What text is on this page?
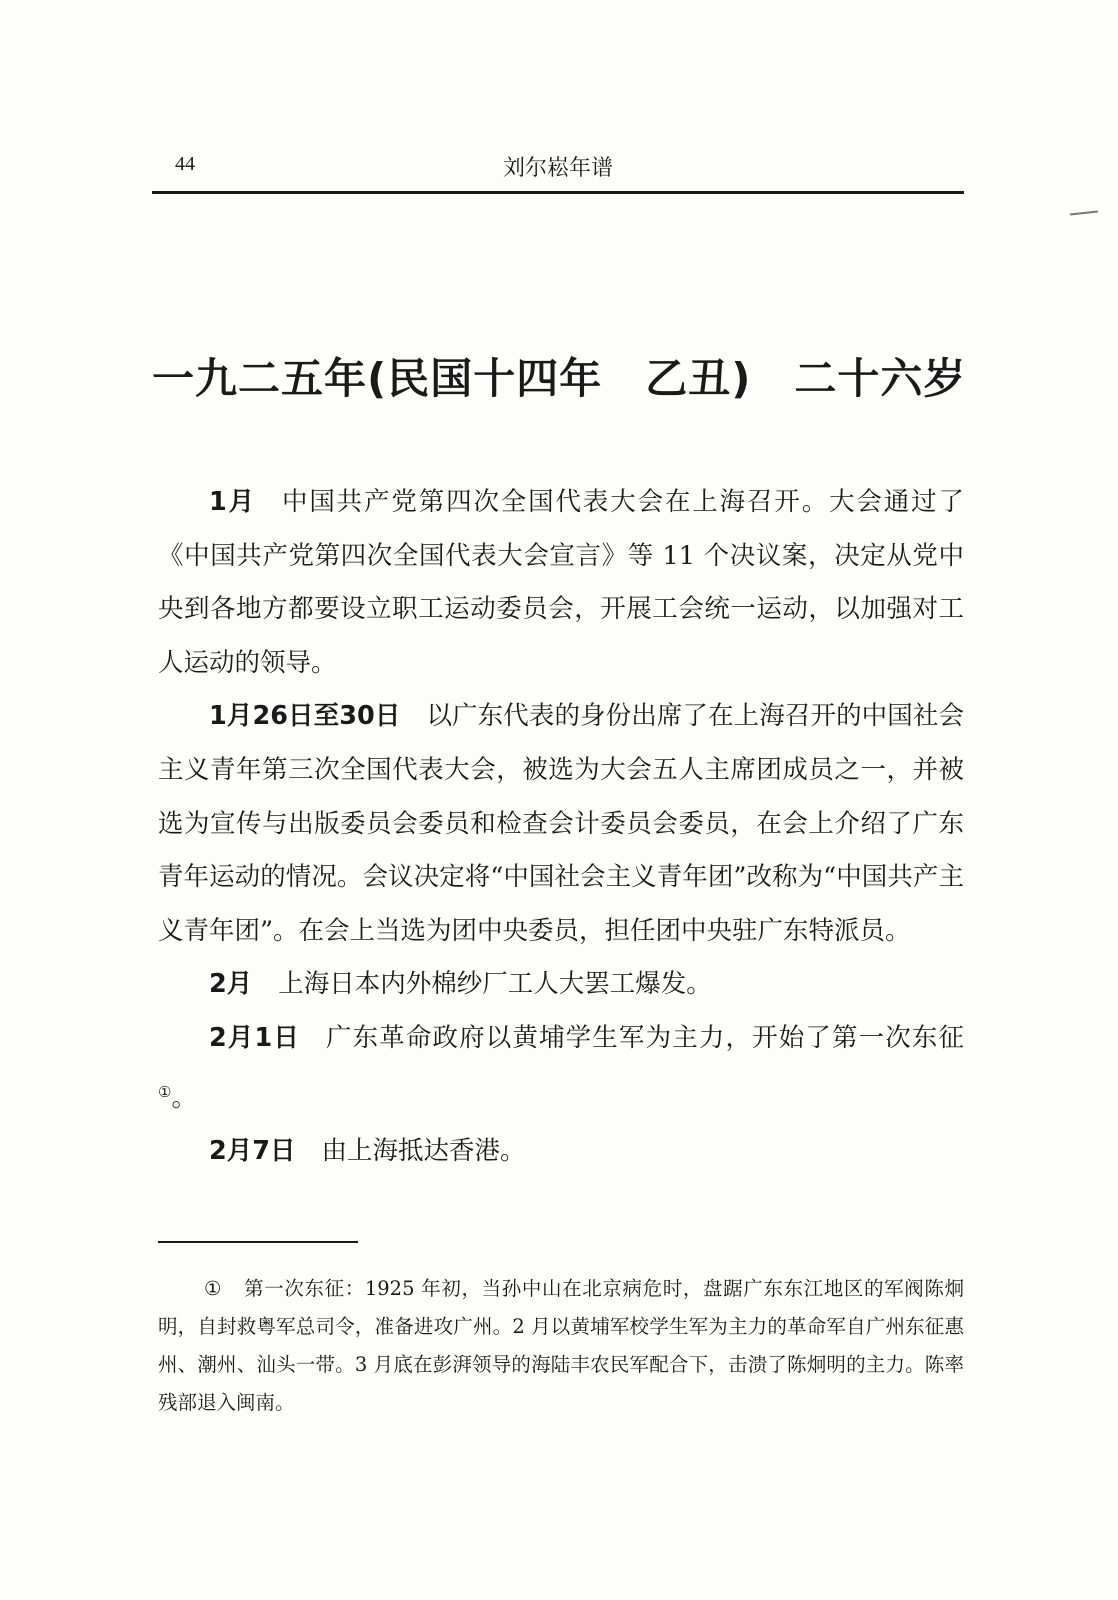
44	刘尔崧年谱
一九二五年(民国十四年　乙丑)　二十六岁

1月 中国共产党第四次全国代表大会在上海召开。大会通过了《中国共产党第四次全国代表大会宣言》等 11 个决议案，决定从党中央到各地方都要设立职工运动委员会，开展工会统一运动，以加强对工人运动的领导。

1月26日至30日 以广东代表的身份出席了在上海召开的中国社会主义青年第三次全国代表大会，被选为大会五人主席团成员之一，并被选为宣传与出版委员会委员和检查会计委员会委员，在会上介绍了广东青年运动的情况。会议决定将“中国社会主义青年团”改称为“中国共产主义青年团”。在会上当选为团中央委员，担任团中央驻广东特派员。

2月 上海日本内外棉纱厂工人大罢工爆发。

2月1日 广东革命政府以黄埔学生军为主力，开始了第一次东征①。

2月7日 由上海抵达香港。

① 第一次东征：1925 年初，当孙中山在北京病危时，盘踞广东东江地区的军阀陈炯明，自封救粤军总司令，准备进攻广州。2 月以黄埔军校学生军为主力的革命军自广州东征惠州、潮州、汕头一带。3 月底在彭湃领导的海陆丰农民军配合下，击溃了陈炯明的主力。陈率残部退入闽南。
